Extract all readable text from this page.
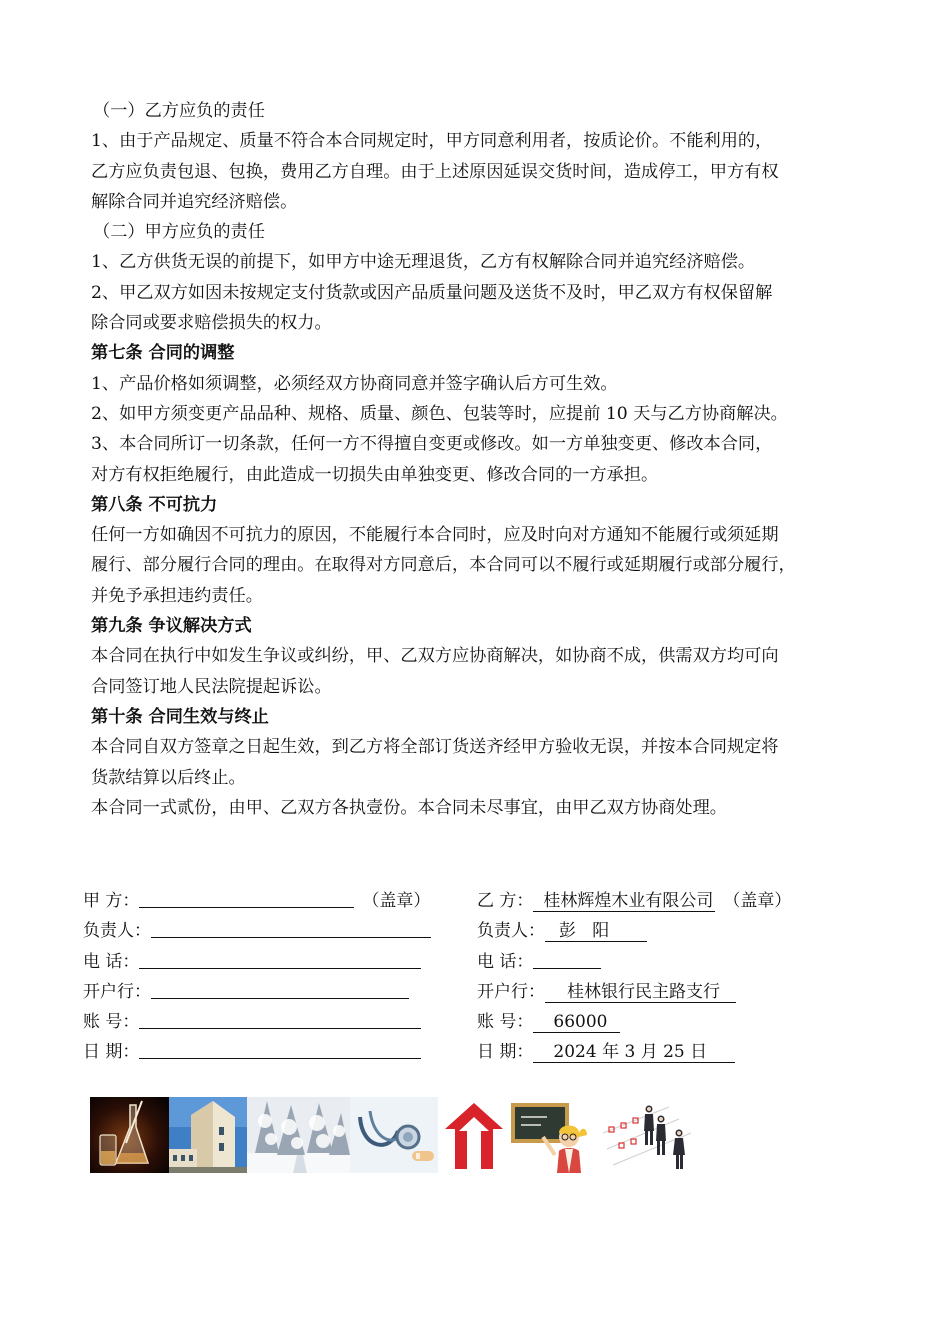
（一）乙方应负的责任

1、由于产品规定、质量不符合本合同规定时，甲方同意利用者，按质论价。不能利用的，

乙方应负责包退、包换，费用乙方自理。由于上述原因延误交货时间，造成停工，甲方有权

解除合同并追究经济赔偿。

（二）甲方应负的责任

1、乙方供货无误的前提下，如甲方中途无理退货，乙方有权解除合同并追究经济赔偿。

2、甲乙双方如因未按规定支付货款或因产品质量问题及送货不及时，甲乙双方有权保留解

除合同或要求赔偿损失的权力。

第七条 合同的调整

1、产品价格如须调整，必须经双方协商同意并签字确认后方可生效。

2、如甲方须变更产品品种、规格、质量、颜色、包装等时，应提前 10 天与乙方协商解决。

3、本合同所订一切条款，任何一方不得擅自变更或修改。如一方单独变更、修改本合同，

对方有权拒绝履行，由此造成一切损失由单独变更、修改合同的一方承担。

第八条 不可抗力

任何一方如确因不可抗力的原因，不能履行本合同时，应及时向对方通知不能履行或须延期

履行、部分履行合同的理由。在取得对方同意后，本合同可以不履行或延期履行或部分履行，

并免予承担违约责任。

第九条 争议解决方式

本合同在执行中如发生争议或纠纷，甲、乙双方应协商解决，如协商不成，供需双方均可向

合同签订地人民法院提起诉讼。

第十条 合同生效与终止

本合同自双方签章之日起生效，到乙方将全部订货送齐经甲方验收无误，并按本合同规定将

货款结算以后终止。

本合同一式贰份，由甲、乙双方各执壹份。本合同未尽事宜，由甲乙双方协商处理。

甲 方：	（盖章）
负责人：
电 话：
开户行：
账 号：
日 期：
乙 方： 桂林辉煌木业有限公司 （盖章）
负责人： 彭   阳
电 话：
开户行：	桂林银行民主路支行
账 号：	66000
日 期：	2024 年 3 月 25 日
